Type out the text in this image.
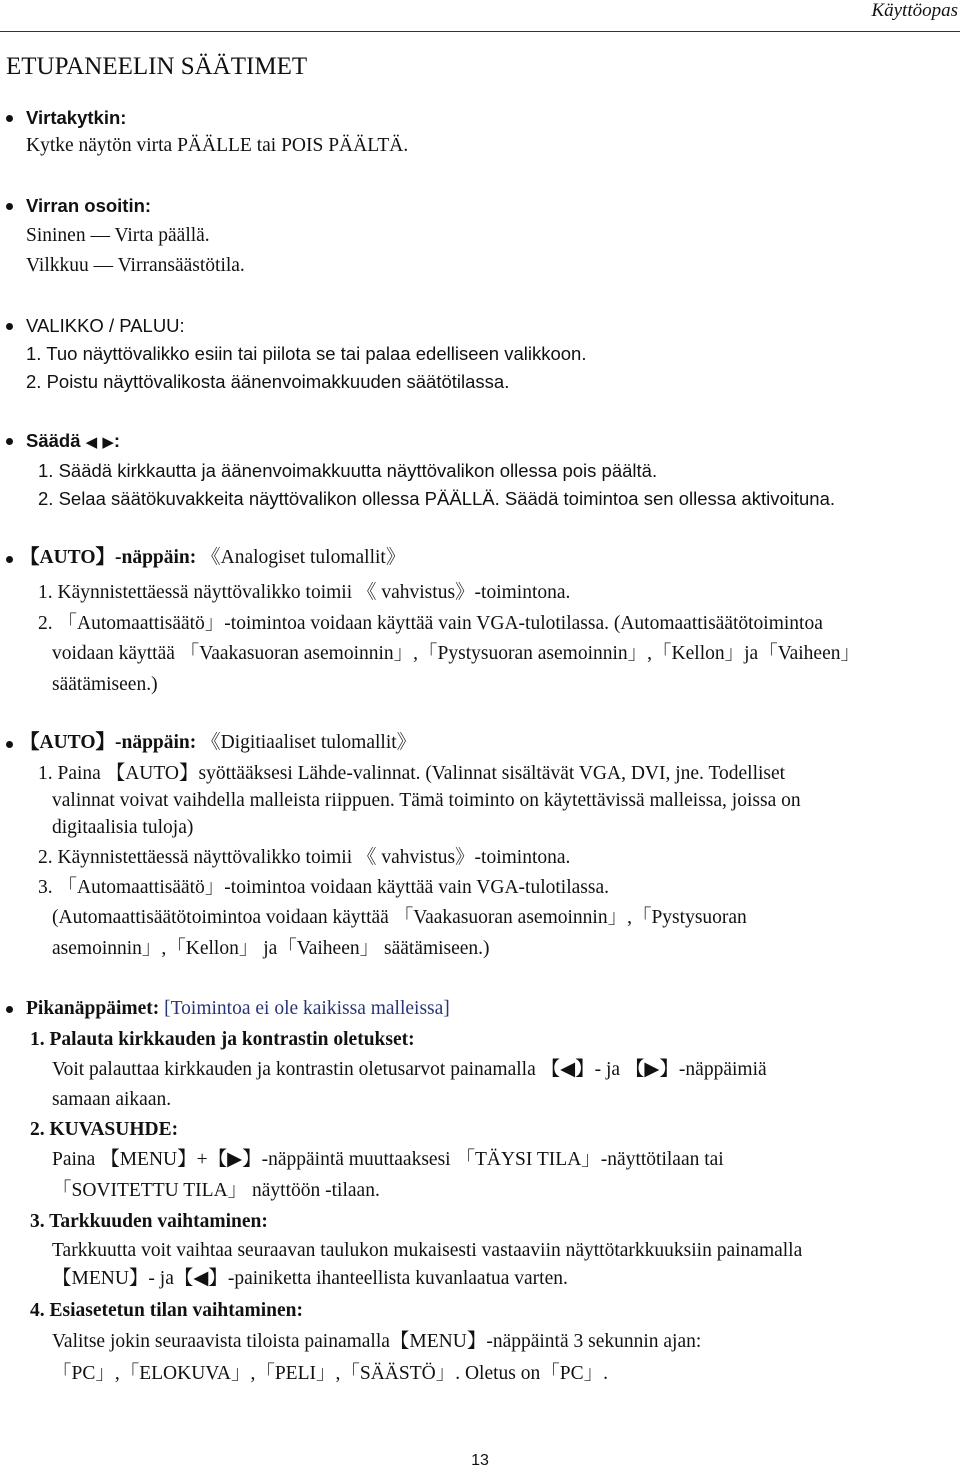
Käyttöopas
ETUPANEELIN SÄÄTIMET
Virtakytkin:
Kytke näytön virta PÄÄLLE tai POIS PÄÄLTÄ.
Virran osoitin:
Sininen — Virta päällä.
Vilkkuu — Virransäästötila.
VALIKKO / PALUU:
1. Tuo näyttövalikko esiin tai piilota se tai palaa edelliseen valikkoon.
2. Poistu näyttövalikosta äänenvoimakkuuden säätötilassa.
Säädä ◀ ▶:
1. Säädä kirkkautta ja äänenvoimakkuutta näyttövalikon ollessa pois päältä.
2. Selaa säätökuvakkeita näyttövalikon ollessa PÄÄLLÄ. Säädä toimintoa sen ollessa aktivoituna.
【AUTO】-näppäin: 《Analogiset tulomallit》
1. Käynnistettäessä näyttövalikko toimii 《 vahvistus》-toimintona.
2. 「Automaattisäätö」-toimintoa voidaan käyttää vain VGA-tulotilassa. (Automaattisäätötoimintoa
voidaan käyttää 「Vaakasuoran asemoinnin」,「Pystysuoran asemoinnin」,「Kellon」ja「Vaiheen」
säätämiseen.)
【AUTO】-näppäin: 《Digitiaaliset tulomallit》
1. Paina 【AUTO】syöttääksesi Lähde-valinnat. (Valinnat sisältävät VGA, DVI, jne. Todelliset
valinnat voivat vaihdella malleista riippuen. Tämä toiminto on käytettävissä malleissa, joissa on
digitaalisia tuloja)
2. Käynnistettäessä näyttövalikko toimii 《 vahvistus》-toimintona.
3. 「Automaattisäätö」-toimintoa voidaan käyttää vain VGA-tulotilassa.
(Automaattisäätötoimintoa voidaan käyttää 「Vaakasuoran asemoinnin」,「Pystysuoran
asemoinnin」,「Kellon」 ja「Vaiheen」 säätämiseen.)
Pikanäppäimet: [Toimintoa ei ole kaikissa malleissa]
1. Palauta kirkkauden ja kontrastin oletukset:
Voit palauttaa kirkkauden ja kontrastin oletusarvot painamalla 【◀】- ja 【▶】-näppäimiä
samaan aikaan.
2. KUVASUHDE:
Paina 【MENU】+【▶】-näppäintä muuttaaksesi 「TÄYSI TILA」-näyttötilaan tai
「SOVITETTU TILA」 näyttöön -tilaan.
3. Tarkkuuden vaihtaminen:
Tarkkuutta voit vaihtaa seuraavan taulukon mukaisesti vastaaviin näyttötarkkuuksiin painamalla
【MENU】- ja【◀】-painiketta ihanteellista kuvanlaatua varten.
4. Esiasetetun tilan vaihtaminen:
Valitse jokin seuraavista tiloista painamalla【MENU】-näppäintä 3 sekunnin ajan:
「PC」,「ELOKUVA」,「PELI」,「SÄÄSTÖ」. Oletus on「PC」.
13
